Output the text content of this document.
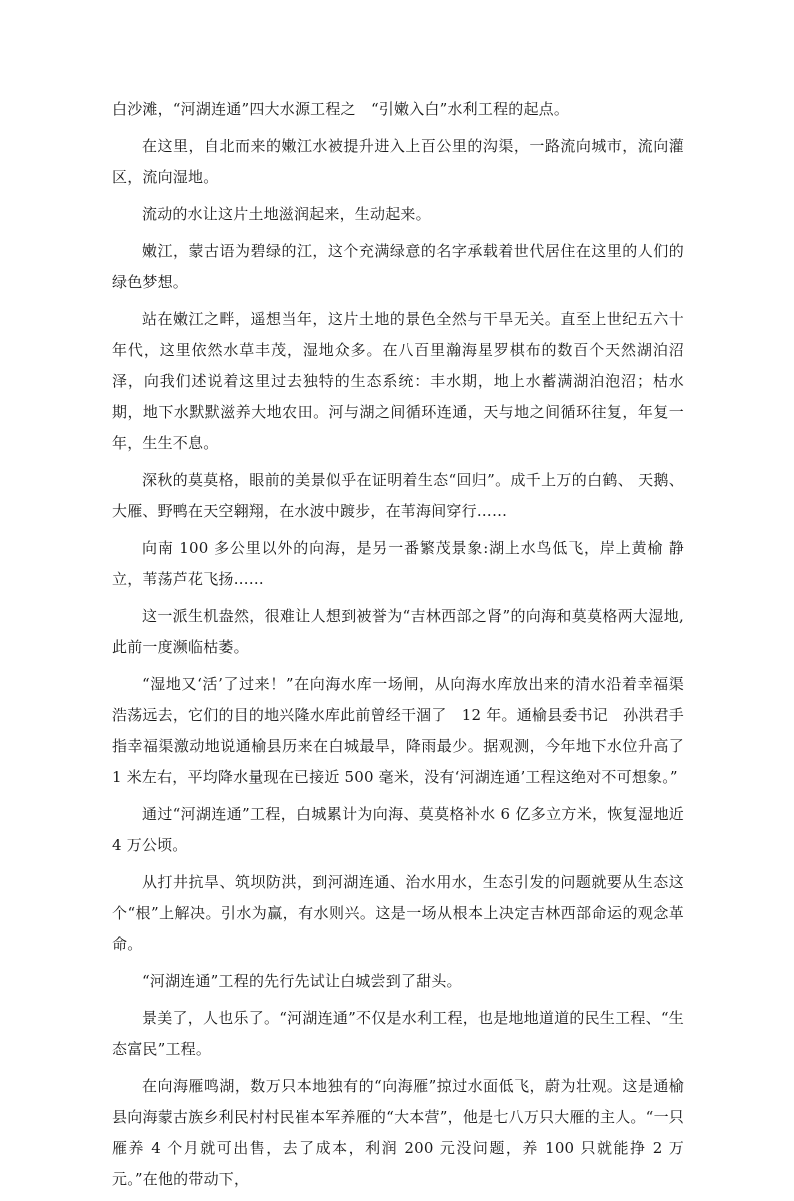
白沙滩，“河湖连通”四大水源工程之　“引嫩入白”水利工程的起点。

在这里，自北而来的嫩江水被提升进入上百公里的沟渠，一路流向城市，流向灌区，流向湿地。

流动的水让这片土地滋润起来，生动起来。

嫩江，蒙古语为碧绿的江，这个充满绿意的名字承载着世代居住在这里的人们的绿色梦想。

站在嫩江之畔，遥想当年，这片土地的景色全然与干旱无关。直至上世纪五六十年代，这里依然水草丰茂，湿地众多。在八百里瀚海星罗棋布的数百个天然湖泊沼泽，向我们述说着这里过去独特的生态系统：丰水期，地上水蓄满湖泊泡沼；枯水期，地下水默默滋养大地农田。河与湖之间循环连通，天与地之间循环往复，年复一年，生生不息。

深秋的莫莫格，眼前的美景似乎在证明着生态“回归”。成千上万的白鹤、 天鹅、大雁、野鸭在天空翱翔，在水波中踱步，在苇海间穿行……

向南 100 多公里以外的向海，是另一番繁茂景象:湖上水鸟低飞，岸上黄榆 静立，苇荡芦花飞扬……

这一派生机盎然，很难让人想到被誉为“吉林西部之肾”的向海和莫莫格两大湿地,此前一度濒临枯萎。

“湿地又‘活’了过来！”在向海水库一场闸，从向海水库放出来的清水沿着幸福渠浩荡远去，它们的目的地兴隆水库此前曾经干涸了　12 年。通榆县委书记　孙洪君手指幸福渠激动地说通榆县历来在白城最旱，降雨最少。据观测，今年地下水位升高了　1 米左右，平均降水量现在已接近 500 毫米，没有‘河湖连通’工程这绝对不可想象。”

通过“河湖连通”工程，白城累计为向海、莫莫格补水 6 亿多立方米，恢复湿地近 4 万公顷。

从打井抗旱、筑坝防洪，到河湖连通、治水用水，生态引发的问题就要从生态这个“根”上解决。引水为赢，有水则兴。这是一场从根本上决定吉林西部命运的观念革命。

“河湖连通”工程的先行先试让白城尝到了甜头。

景美了，人也乐了。“河湖连通”不仅是水利工程，也是地地道道的民生工程、“生态富民”工程。

在向海雁鸣湖，数万只本地独有的“向海雁”掠过水面低飞，蔚为壮观。这是通榆县向海蒙古族乡利民村村民崔本军养雁的“大本营”，他是七八万只大雁的主人。“一只雁养 4 个月就可出售，去了成本，利润 200 元没问题，养 100 只就能挣 2 万元。”在他的带动下，
